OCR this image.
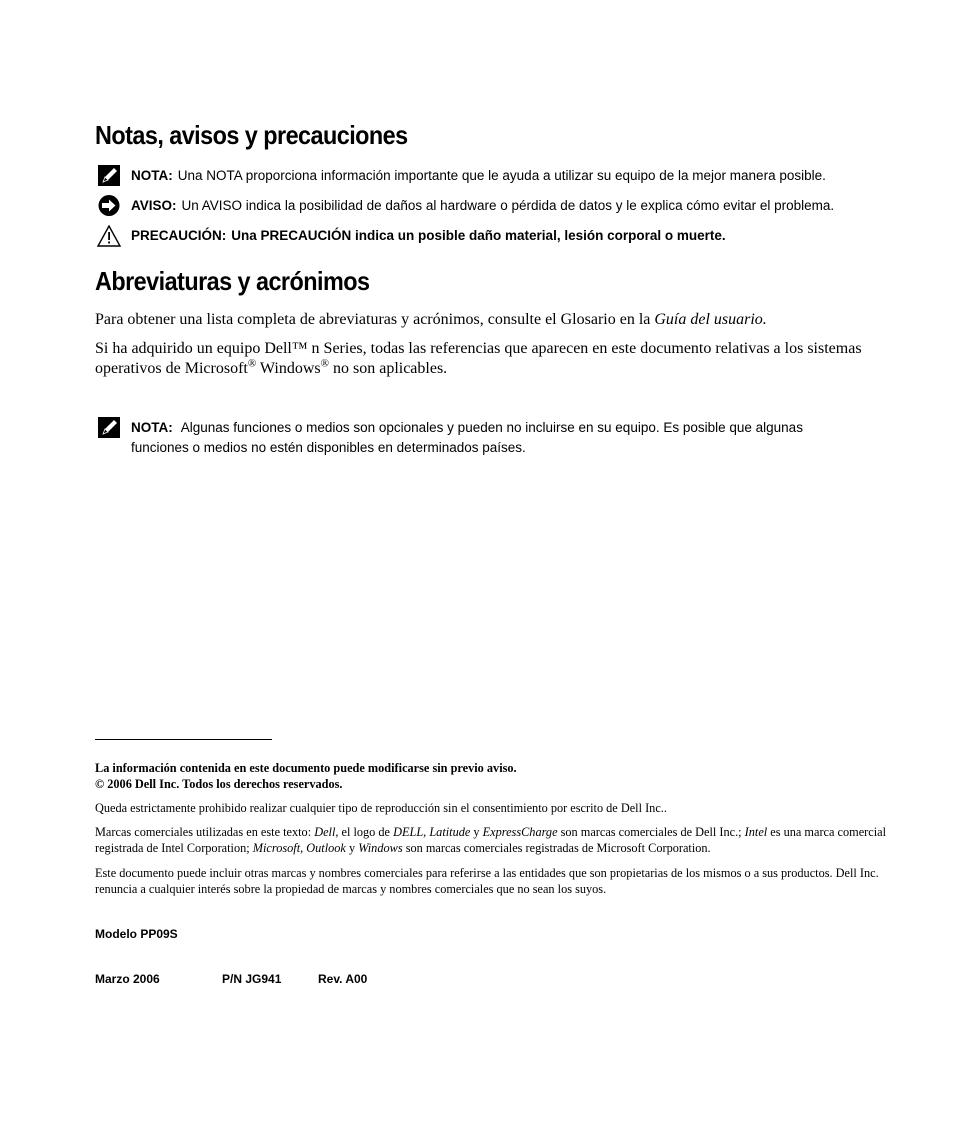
Notas, avisos y precauciones
NOTA: Una NOTA proporciona información importante que le ayuda a utilizar su equipo de la mejor manera posible.
AVISO: Un AVISO indica la posibilidad de daños al hardware o pérdida de datos y le explica cómo evitar el problema.
PRECAUCIÓN: Una PRECAUCIÓN indica un posible daño material, lesión corporal o muerte.
Abreviaturas y acrónimos

Para obtener una lista completa de abreviaturas y acrónimos, consulte el Glosario en la Guía del usuario.

Si ha adquirido un equipo Dell™ n Series, todas las referencias que aparecen en este documento relativas a los sistemas operativos de Microsoft® Windows® no son aplicables.

NOTA: Algunas funciones o medios son opcionales y pueden no incluirse en su equipo. Es posible que algunas funciones o medios no estén disponibles en determinados países.

La información contenida en este documento puede modificarse sin previo aviso.

© 2006 Dell Inc. Todos los derechos reservados.

Queda estrictamente prohibido realizar cualquier tipo de reproducción sin el consentimiento por escrito de Dell Inc..

Marcas comerciales utilizadas en este texto: Dell, el logo de DELL, Latitude y ExpressCharge son marcas comerciales de Dell Inc.; Intel es una marca comercial registrada de Intel Corporation; Microsoft, Outlook y Windows son marcas comerciales registradas de Microsoft Corporation.

Este documento puede incluir otras marcas y nombres comerciales para referirse a las entidades que son propietarias de los mismos o a sus productos. Dell Inc. renuncia a cualquier interés sobre la propiedad de marcas y nombres comerciales que no sean los suyos.

Modelo PP09S
Marzo 2006	P/N JG941	Rev. A00
